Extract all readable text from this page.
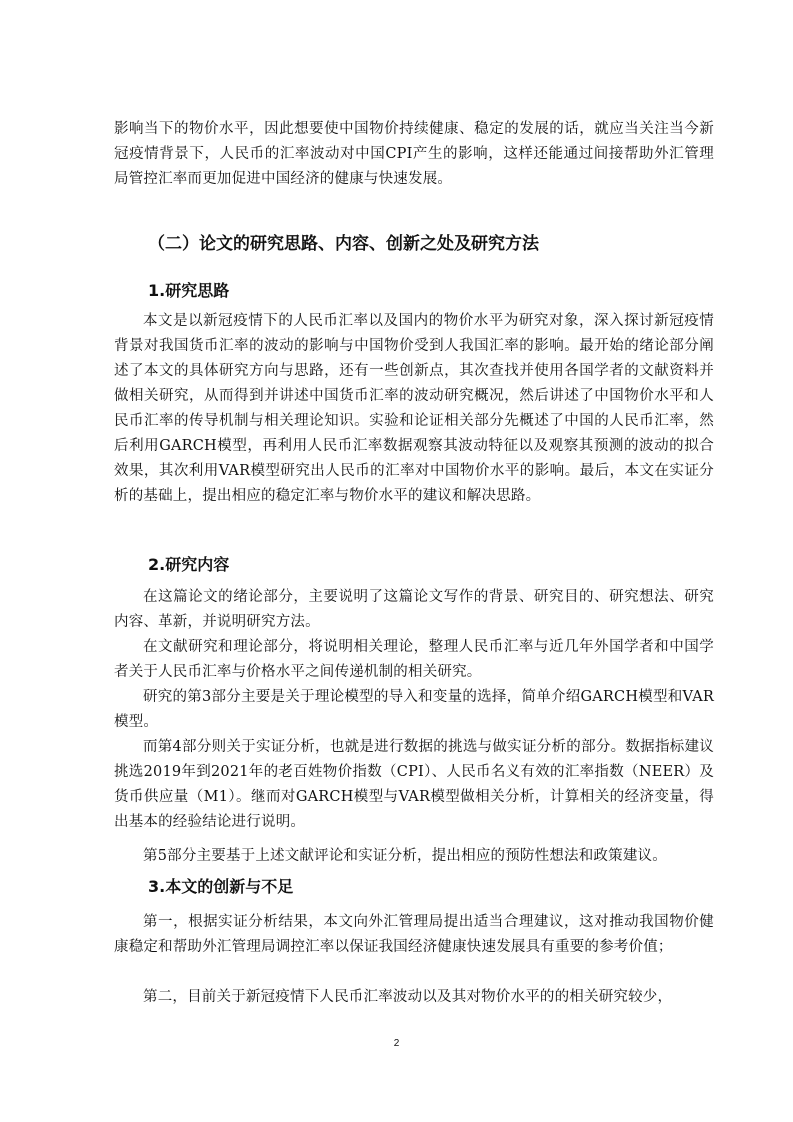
影响当下的物价水平，因此想要使中国物价持续健康、稳定的发展的话，就应当关注当今新冠疫情背景下，人民币的汇率波动对中国CPI产生的影响，这样还能通过间接帮助外汇管理局管控汇率而更加促进中国经济的健康与快速发展。
（二）论文的研究思路、内容、创新之处及研究方法
1.研究思路
本文是以新冠疫情下的人民币汇率以及国内的物价水平为研究对象，深入探讨新冠疫情背景对我国货币汇率的波动的影响与中国物价受到人我国汇率的影响。最开始的绪论部分阐述了本文的具体研究方向与思路，还有一些创新点，其次查找并使用各国学者的文献资料并做相关研究，从而得到并讲述中国货币汇率的波动研究概况，然后讲述了中国物价水平和人民币汇率的传导机制与相关理论知识。实验和论证相关部分先概述了中国的人民币汇率，然后利用GARCH模型，再利用人民币汇率数据观察其波动特征以及观察其预测的波动的拟合效果，其次利用VAR模型研究出人民币的汇率对中国物价水平的影响。最后，本文在实证分析的基础上，提出相应的稳定汇率与物价水平的建议和解决思路。
2.研究内容
在这篇论文的绪论部分，主要说明了这篇论文写作的背景、研究目的、研究想法、研究内容、革新，并说明研究方法。
在文献研究和理论部分，将说明相关理论，整理人民币汇率与近几年外国学者和中国学者关于人民币汇率与价格水平之间传递机制的相关研究。
研究的第3部分主要是关于理论模型的导入和变量的选择，简单介绍GARCH模型和VAR模型。
而第4部分则关于实证分析，也就是进行数据的挑选与做实证分析的部分。数据指标建议挑选2019年到2021年的老百姓物价指数（CPI）、人民币名义有效的汇率指数（NEER）及货币供应量（M1）。继而对GARCH模型与VAR模型做相关分析，计算相关的经济变量，得出基本的经验结论进行说明。
第5部分主要基于上述文献评论和实证分析，提出相应的预防性想法和政策建议。
3.本文的创新与不足
第一，根据实证分析结果，本文向外汇管理局提出适当合理建议，这对推动我国物价健康稳定和帮助外汇管理局调控汇率以保证我国经济健康快速发展具有重要的参考价值；
第二，目前关于新冠疫情下人民币汇率波动以及其对物价水平的的相关研究较少，
2
